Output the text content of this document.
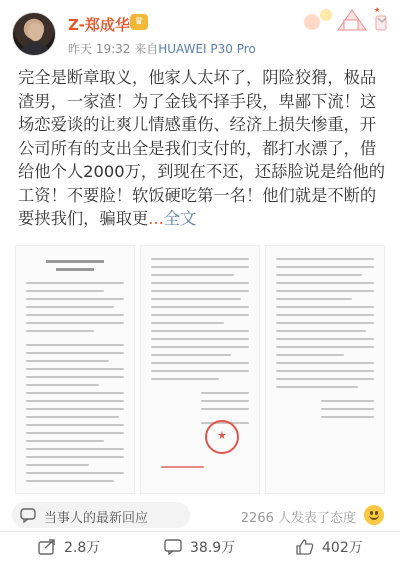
Z-郑成华 ♛
昨天 19:32 来自HUAWEI P30 Pro
★
完全是断章取义，他家人太坏了，阴险狡猾，极品渣男，一家渣！为了金钱不择手段，卑鄙下流！这场恋爱谈的让爽儿情感重伤、经济上损失惨重，开公司所有的支出全是我们支付的，都打水漂了，借给他个人2000万，到现在不还，还舔脸说是给他的工资！不要脸！软饭硬吃第一名！他们就是不断的要挟我们，骗取更...全文
当事人的最新回应	2266 人发表了态度
2.8万	38.9万	402万
